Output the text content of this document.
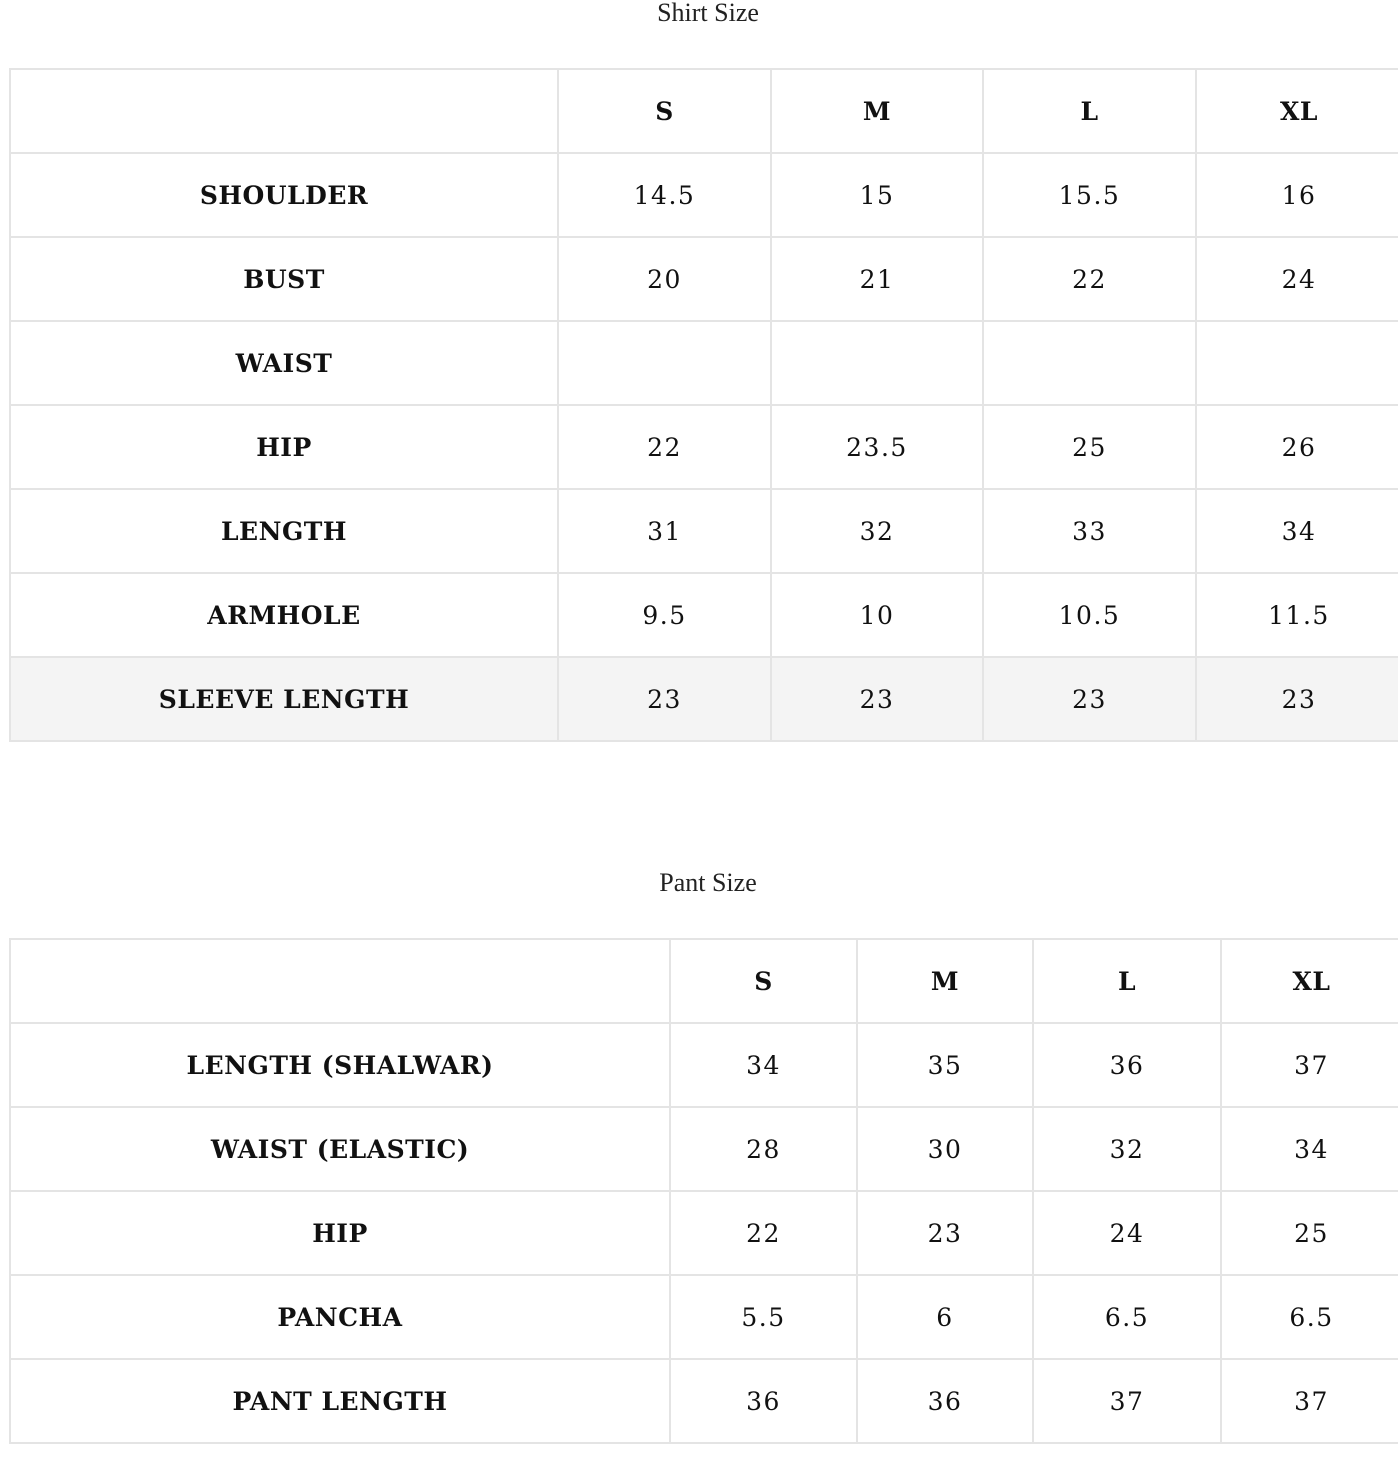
Shirt Size
	S	M	L	XL
SHOULDER	14.5	15	15.5	16
BUST	20	21	22	24
WAIST				
HIP	22	23.5	25	26
LENGTH	31	32	33	34
ARMHOLE	9.5	10	10.5	11.5
SLEEVE LENGTH	23	23	23	23
Pant Size
	S	M	L	XL
LENGTH (SHALWAR)	34	35	36	37
WAIST (ELASTIC)	28	30	32	34
HIP	22	23	24	25
PANCHA	5.5	6	6.5	6.5
PANT LENGTH	36	36	37	37
